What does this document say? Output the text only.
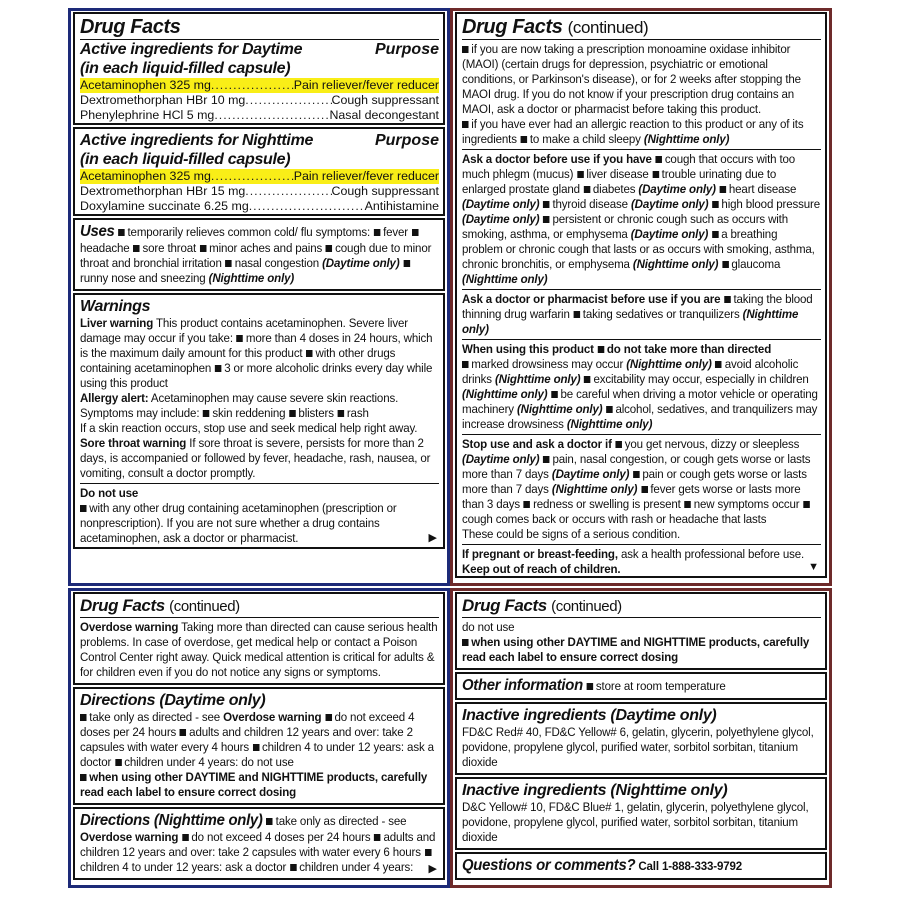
Drug Facts
Active ingredients for Daytime	Purpose
(in each liquid-filled capsule)
Acetaminophen 325 mg .....	Pain reliever/fever reducer
Dextromethorphan HBr 10 mg .....	Cough suppressant
Phenylephrine HCl 5 mg .....	Nasal decongestant
Active ingredients for Nighttime	Purpose
(in each liquid-filled capsule)
Acetaminophen 325 mg .....	Pain reliever/fever reducer
Dextromethorphan HBr 15 mg .....	Cough suppressant
Doxylamine succinate 6.25 mg .....	Antihistamine
Uses temporarily relieves common cold/ flu symptoms: feverheadache sore throat minor aches and pains cough due to minor throat and bronchial irritation nasal congestion (Daytime only)runny nose and sneezing (Nighttime only)
Warnings
Liver warning This product contains acetaminophen. Severe liver damage may occur if you take: more than 4 doses in 24 hours, which is the maximum daily amount for this product with other drugs containing acetaminophen 3 or more alcoholic drinks every day while using this product
Allergy alert: Acetaminophen may cause severe skin reactions. Symptoms may include: skin reddening blisters rash
If a skin reaction occurs, stop use and seek medical help right away.
Sore throat warning If sore throat is severe, persists for more than 2 days, is accompanied or followed by fever, headache, rash, nausea, or vomiting, consult a doctor promptly.
Do not use
with any other drug containing acetaminophen (prescription or nonprescription). If you are not sure whether a drug contains acetaminophen, ask a doctor or pharmacist.	▶
Drug Facts (continued)
if you are now taking a prescription monoamine oxidase inhibitor (MAOI) (certain drugs for depression, psychiatric or emotional conditions, or Parkinson's disease), or for 2 weeks after stopping the MAOI drug. If you do not know if your prescription drug contains an MAOI, ask a doctor or pharmacist before taking this product.
if you have ever had an allergic reaction to this product or any of its ingredients to make a child sleepy (Nighttime only)
Ask a doctor before use if you have cough that occurs with too much phlegm (mucus) liver disease trouble urinating due to enlarged prostate gland diabetes (Daytime only) heart disease (Daytime only) thyroid disease (Daytime only) high blood pressure (Daytime only) persistent or chronic cough such as occurs with smoking, asthma, or emphysema (Daytime only) a breathing problem or chronic cough that lasts or as occurs with smoking, asthma, chronic bronchitis, or emphysema (Nighttime only) glaucoma (Nighttime only)
Ask a doctor or pharmacist before use if you are taking the blood thinning drug warfarin taking sedatives or tranquilizers (Nighttime only)
When using this product do not take more than directed
marked drowsiness may occur (Nighttime only) avoid alcoholic drinks (Nighttime only) excitability may occur, especially in children (Nighttime only) be careful when driving a motor vehicle or operating machinery (Nighttime only) alcohol, sedatives, and tranquilizers may increase drowsiness (Nighttime only)
Stop use and ask a doctor if you get nervous, dizzy or sleepless (Daytime only) pain, nasal congestion, or cough gets worse or lasts more than 7 days (Daytime only) pain or cough gets worse or lasts more than 7 days (Nighttime only) fever gets worse or lasts more than 3 days redness or swelling is present new symptoms occurcough comes back or occurs with rash or headache that lasts
These could be signs of a serious condition.
If pregnant or breast-feeding, ask a health professional before use.
Keep out of reach of children.	▼
Drug Facts (continued)
Overdose warning Taking more than directed can cause serious health problems. In case of overdose, get medical help or contact a Poison Control Center right away. Quick medical attention is critical for adults & for children even if you do not notice any signs or symptoms.
Directions (Daytime only)
take only as directed - see Overdose warning do not exceed 4 doses per 24 hours adults and children 12 years and over: take 2 capsules with water every 4 hours children 4 to under 12 years: ask a doctor children under 4 years: do not use
when using other DAYTIME and NIGHTTIME products, carefully read each label to ensure correct dosing
Directions (Nighttime only) take only as directed - see Overdose warning do not exceed 4 doses per 24 hours adults and children 12 years and over: take 2 capsules with water every 6 hourschildren 4 to under 12 years: ask a doctor children under 4 years:	▶
Drug Facts (continued)
do not use
when using other DAYTIME and NIGHTTIME products, carefully read each label to ensure correct dosing
Other information store at room temperature
Inactive ingredients (Daytime only)
FD&C Red# 40, FD&C Yellow# 6, gelatin, glycerin, polyethylene glycol, povidone, propylene glycol, purified water, sorbitol sorbitan, titanium dioxide
Inactive ingredients (Nighttime only)
D&C Yellow# 10, FD&C Blue# 1, gelatin, glycerin, polyethylene glycol, povidone, propylene glycol, purified water, sorbitol sorbitan, titanium dioxide
Questions or comments? Call 1-888-333-9792
